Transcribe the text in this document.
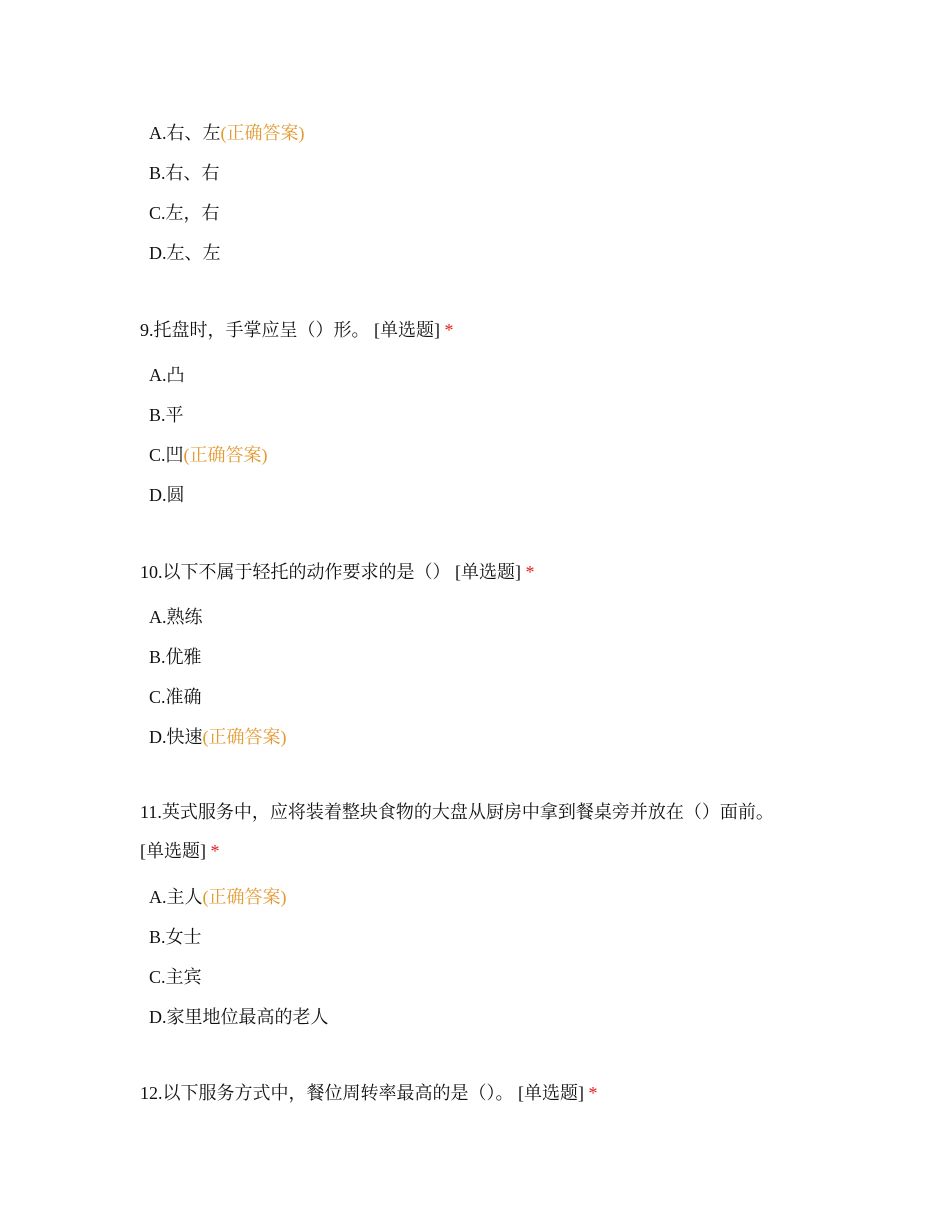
A.右、左(正确答案)
B.右、右
C.左，右
D.左、左
9.托盘时，手掌应呈（）形。 [单选题] *
A.凸
B.平
C.凹(正确答案)
D.圆
10.以下不属于轻托的动作要求的是（） [单选题] *
A.熟练
B.优雅
C.准确
D.快速(正确答案)
11.英式服务中，应将装着整块食物的大盘从厨房中拿到餐桌旁并放在（）面前。
[单选题] *
A.主人(正确答案)
B.女士
C.主宾
D.家里地位最高的老人
12.以下服务方式中，餐位周转率最高的是（）。 [单选题] *
